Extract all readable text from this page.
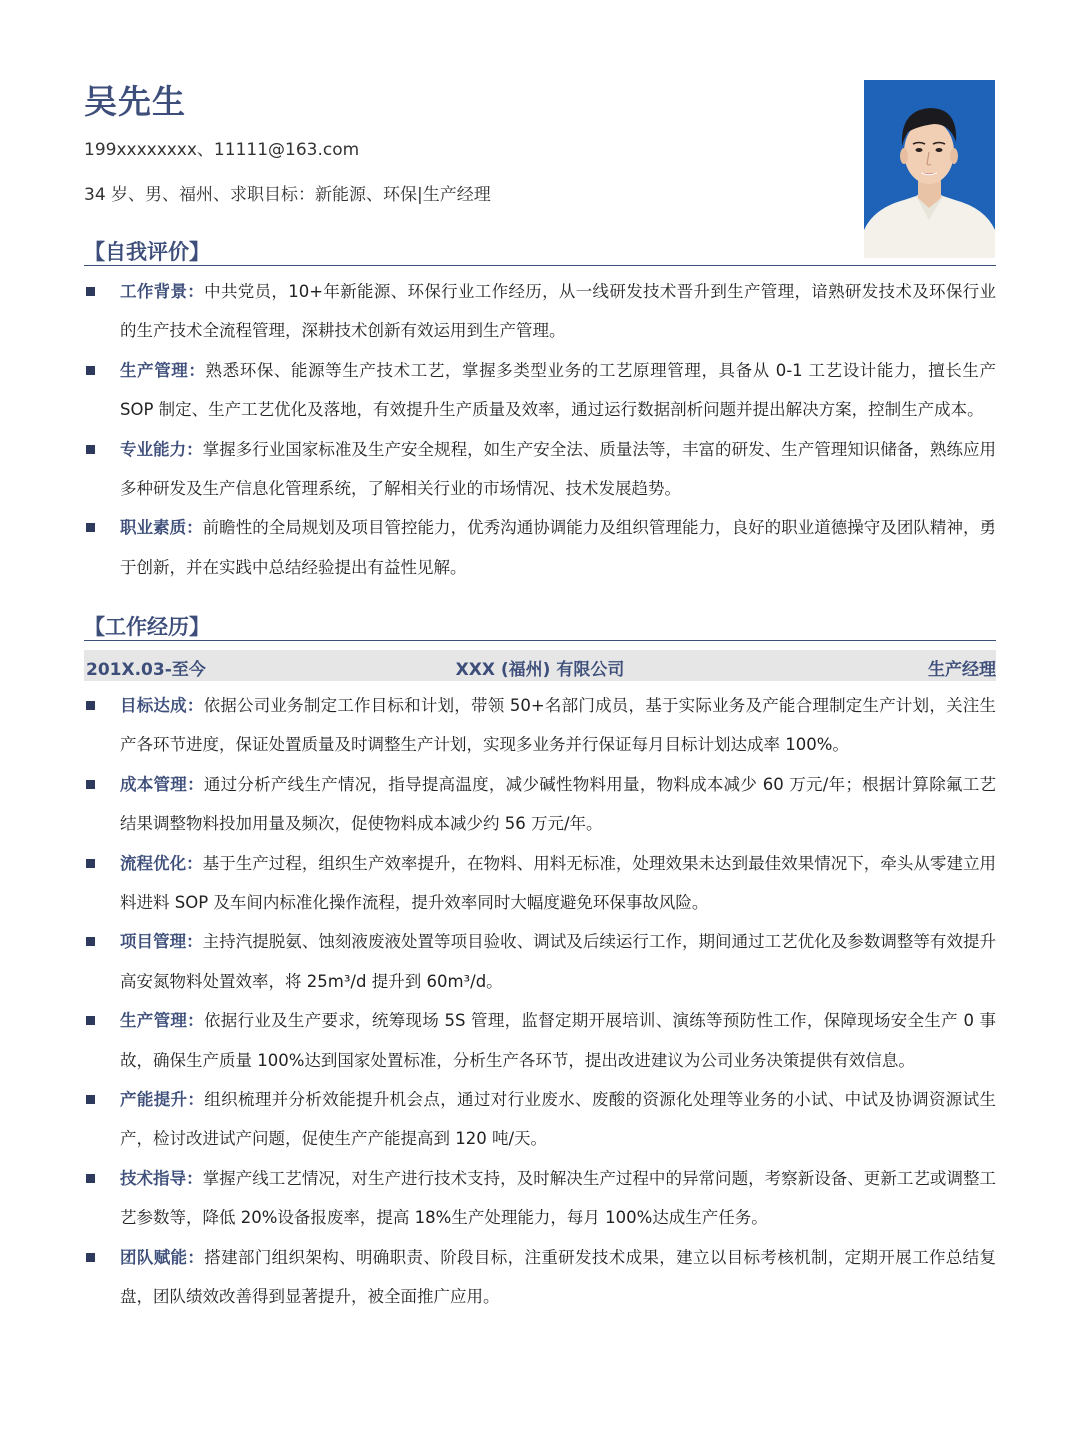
吴先生
199xxxxxxxx、11111@163.com
34 岁、男、福州、求职目标：新能源、环保|生产经理
【自我评价】
工作背景：中共党员，10+年新能源、环保行业工作经历，从一线研发技术晋升到生产管理，谙熟研发技术及环保行业的生产技术全流程管理，深耕技术创新有效运用到生产管理。
生产管理：熟悉环保、能源等生产技术工艺，掌握多类型业务的工艺原理管理，具备从 0-1 工艺设计能力，擅长生产 SOP 制定、生产工艺优化及落地，有效提升生产质量及效率，通过运行数据剖析问题并提出解决方案，控制生产成本。
专业能力：掌握多行业国家标准及生产安全规程，如生产安全法、质量法等，丰富的研发、生产管理知识储备，熟练应用多种研发及生产信息化管理系统，了解相关行业的市场情况、技术发展趋势。
职业素质：前瞻性的全局规划及项目管控能力，优秀沟通协调能力及组织管理能力，良好的职业道德操守及团队精神，勇于创新，并在实践中总结经验提出有益性见解。
【工作经历】
201X.03-至今	XXX (福州) 有限公司	生产经理
目标达成：依据公司业务制定工作目标和计划，带领 50+名部门成员，基于实际业务及产能合理制定生产计划，关注生产各环节进度，保证处置质量及时调整生产计划，实现多业务并行保证每月目标计划达成率 100%。
成本管理：通过分析产线生产情况，指导提高温度，减少碱性物料用量，物料成本减少 60 万元/年；根据计算除氟工艺结果调整物料投加用量及频次，促使物料成本减少约 56 万元/年。
流程优化：基于生产过程，组织生产效率提升，在物料、用料无标准，处理效果未达到最佳效果情况下，牵头从零建立用料进料 SOP 及车间内标准化操作流程，提升效率同时大幅度避免环保事故风险。
项目管理：主持汽提脱氨、蚀刻液废液处置等项目验收、调试及后续运行工作，期间通过工艺优化及参数调整等有效提升高安氮物料处置效率，将 25m³/d 提升到 60m³/d。
生产管理：依据行业及生产要求，统筹现场 5S 管理，监督定期开展培训、演练等预防性工作，保障现场安全生产 0 事故，确保生产质量 100%达到国家处置标准，分析生产各环节，提出改进建议为公司业务决策提供有效信息。
产能提升：组织梳理并分析效能提升机会点，通过对行业废水、废酸的资源化处理等业务的小试、中试及协调资源试生产，检讨改进试产问题，促使生产产能提高到 120 吨/天。
技术指导：掌握产线工艺情况，对生产进行技术支持，及时解决生产过程中的异常问题，考察新设备、更新工艺或调整工艺参数等，降低 20%设备报废率，提高 18%生产处理能力，每月 100%达成生产任务。
团队赋能：搭建部门组织架构、明确职责、阶段目标，注重研发技术成果，建立以目标考核机制，定期开展工作总结复盘，团队绩效改善得到显著提升，被全面推广应用。
